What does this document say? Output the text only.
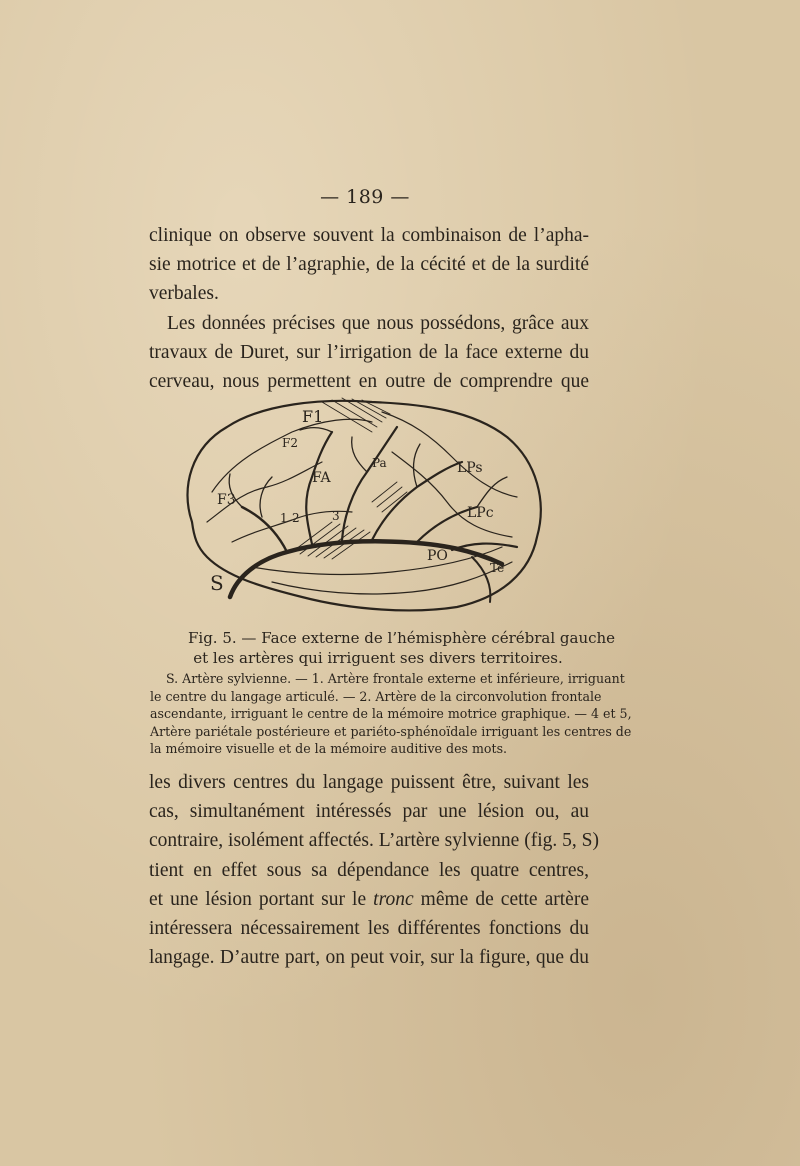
— 189 —
clinique on observe souvent la combinaison de l’apha-
sie motrice et de l’agraphie, de la cécité et de la surdité
verbales.
Les données précises que nous possédons, grâce aux
travaux de Duret, sur l’irrigation de la face externe du
cerveau, nous permettent en outre de comprendre que
F1
F2
F3
FA
Pa	LPs
LPc
PO
Te
S
1 2	3
Fig. 5. — Face externe de l’hémisphère cérébral gauche
et les artères qui irriguent ses divers territoires.
S. Artère sylvienne. — 1. Artère frontale externe et inférieure, irriguant
le centre du langage articulé. — 2. Artère de la circonvolution frontale
ascendante, irriguant le centre de la mémoire motrice graphique. — 4 et 5,
Artère pariétale postérieure et pariéto-sphénoïdale irriguant les centres de
la mémoire visuelle et de la mémoire auditive des mots.
les divers centres du langage puissent être, suivant les
cas, simultanément intéressés par une lésion ou, au
contraire, isolément affectés. L’artère sylvienne (fig. 5, S)
tient en effet sous sa dépendance les quatre centres,
et une lésion portant sur le tronc même de cette artère
intéressera nécessairement les différentes fonctions du
langage. D’autre part, on peut voir, sur la figure, que du
